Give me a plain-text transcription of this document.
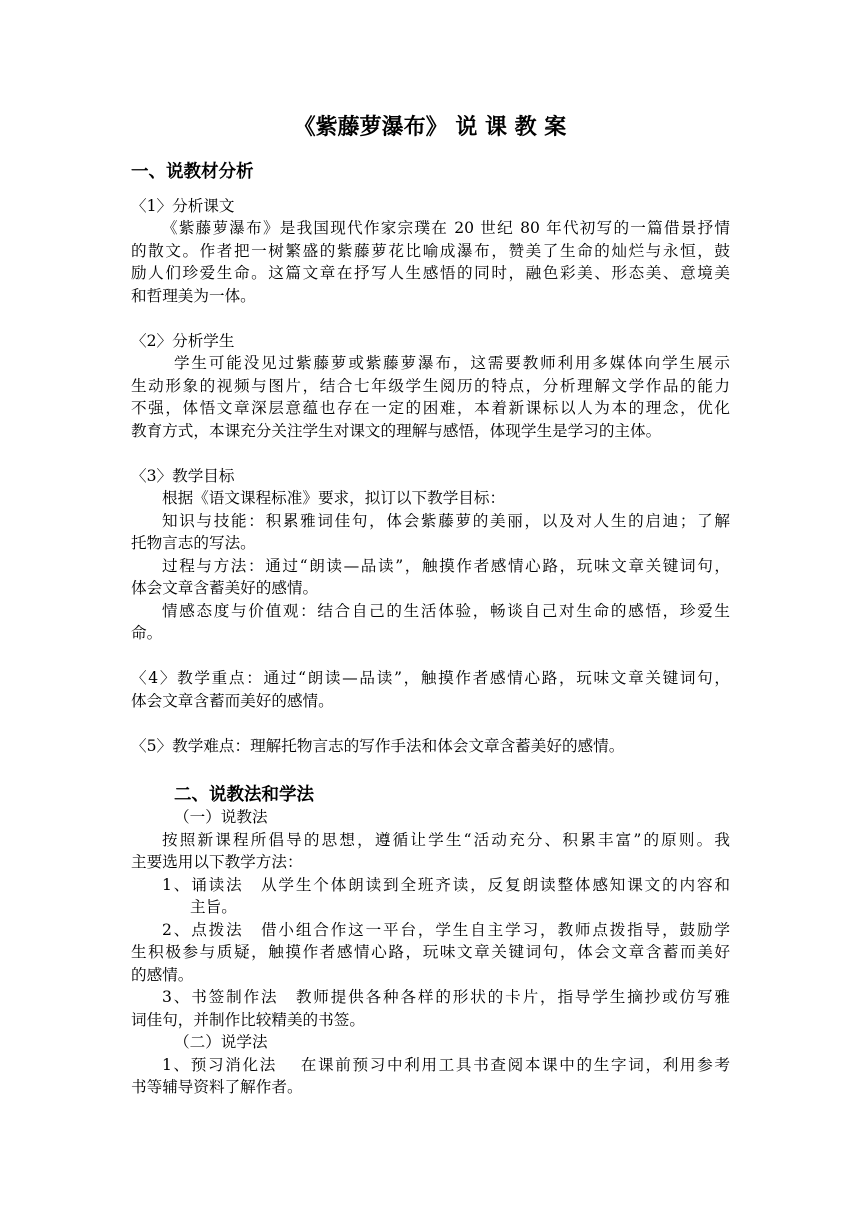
《紫藤萝瀑布》 说 课 教 案
一、说教材分析
〈1〉分析课文
《紫藤萝瀑布》是我国现代作家宗璞在 20 世纪 80 年代初写的一篇借景抒情
的散文。作者把一树繁盛的紫藤萝花比喻成瀑布，赞美了生命的灿烂与永恒，鼓
励人们珍爱生命。这篇文章在抒写人生感悟的同时，融色彩美、形态美、意境美
和哲理美为一体。
〈2〉分析学生
学生可能没见过紫藤萝或紫藤萝瀑布，这需要教师利用多媒体向学生展示
生动形象的视频与图片，结合七年级学生阅历的特点，分析理解文学作品的能力
不强，体悟文章深层意蕴也存在一定的困难，本着新课标以人为本的理念，优化
教育方式，本课充分关注学生对课文的理解与感悟，体现学生是学习的主体。
〈3〉教学目标
根据《语文课程标准》要求，拟订以下教学目标：
知识与技能：积累雅词佳句，体会紫藤萝的美丽，以及对人生的启迪；了解
托物言志的写法。
过程与方法：通过“朗读—品读”，触摸作者感情心路，玩味文章关键词句，
体会文章含蓄美好的感情。
情感态度与价值观：结合自己的生活体验，畅谈自己对生命的感悟，珍爱生
命。
〈4〉教学重点：通过“朗读—品读”，触摸作者感情心路，玩味文章关键词句，
体会文章含蓄而美好的感情。
〈5〉教学难点：理解托物言志的写作手法和体会文章含蓄美好的感情。
二、说教法和学法
（一）说教法
按照新课程所倡导的思想，遵循让学生“活动充分、积累丰富”的原则。我
主要选用以下教学方法：
1、诵读法　从学生个体朗读到全班齐读，反复朗读整体感知课文的内容和
主旨。
2、点拨法　借小组合作这一平台，学生自主学习，教师点拨指导，鼓励学
生积极参与质疑，触摸作者感情心路，玩味文章关键词句，体会文章含蓄而美好
的感情。
3、书签制作法　教师提供各种各样的形状的卡片，指导学生摘抄或仿写雅
词佳句，并制作比较精美的书签。
（二）说学法
1、预习消化法　 在课前预习中利用工具书查阅本课中的生字词，利用参考
书等辅导资料了解作者。
